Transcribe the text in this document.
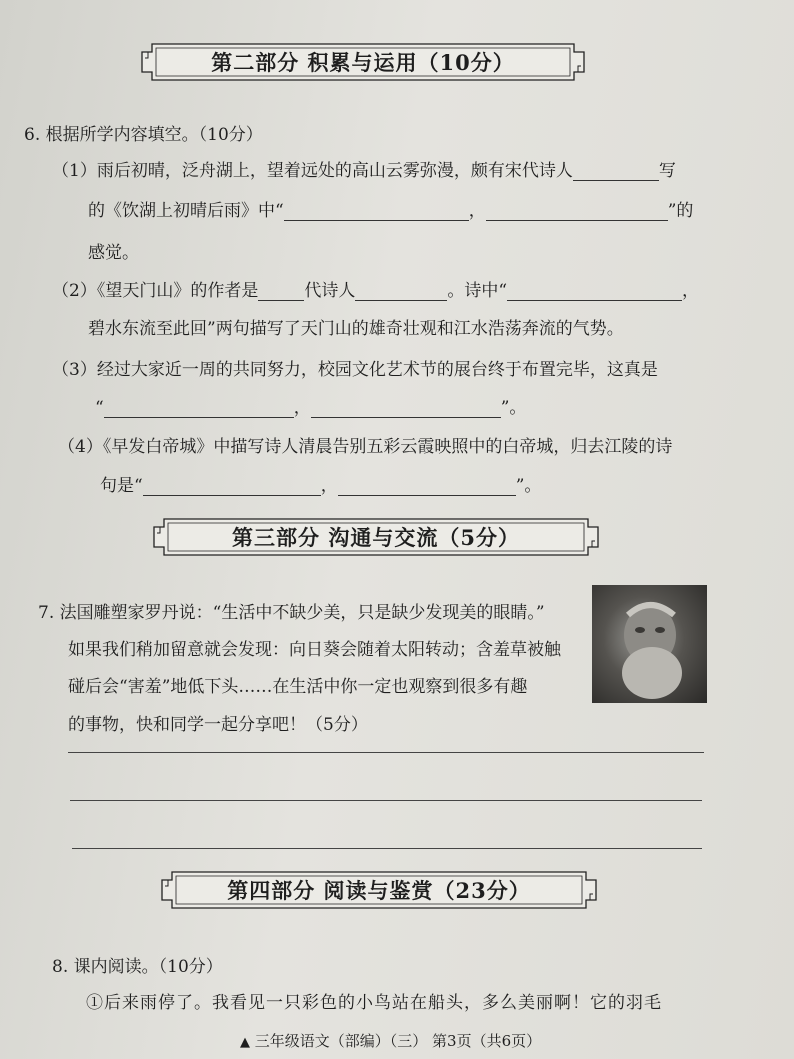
第二部分 积累与运用（10分）
6. 根据所学内容填空。（10分）
（1）雨后初晴，泛舟湖上，望着远处的高山云雾弥漫，颇有宋代诗人	写
的《饮湖上初晴后雨》中“	，	”的
感觉。
（2）《望天门山》的作者是	代诗人	。诗中“	，
碧水东流至此回”两句描写了天门山的雄奇壮观和江水浩荡奔流的气势。
（3）经过大家近一周的共同努力，校园文化艺术节的展台终于布置完毕，这真是
“	，	”。
（4）《早发白帝城》中描写诗人清晨告别五彩云霞映照中的白帝城，归去江陵的诗
句是“	，	”。
第三部分 沟通与交流（5分）
7. 法国雕塑家罗丹说：“生活中不缺少美，只是缺少发现美的眼睛。”
如果我们稍加留意就会发现：向日葵会随着太阳转动；含羞草被触
碰后会“害羞”地低下头……在生活中你一定也观察到很多有趣
的事物，快和同学一起分享吧！（5分）
第四部分 阅读与鉴赏（23分）
8. 课内阅读。（10分）
①后来雨停了。我看见一只彩色的小鸟站在船头，多么美丽啊！它的羽毛
▲ 三年级语文（部编）（三） 第3页（共6页）
